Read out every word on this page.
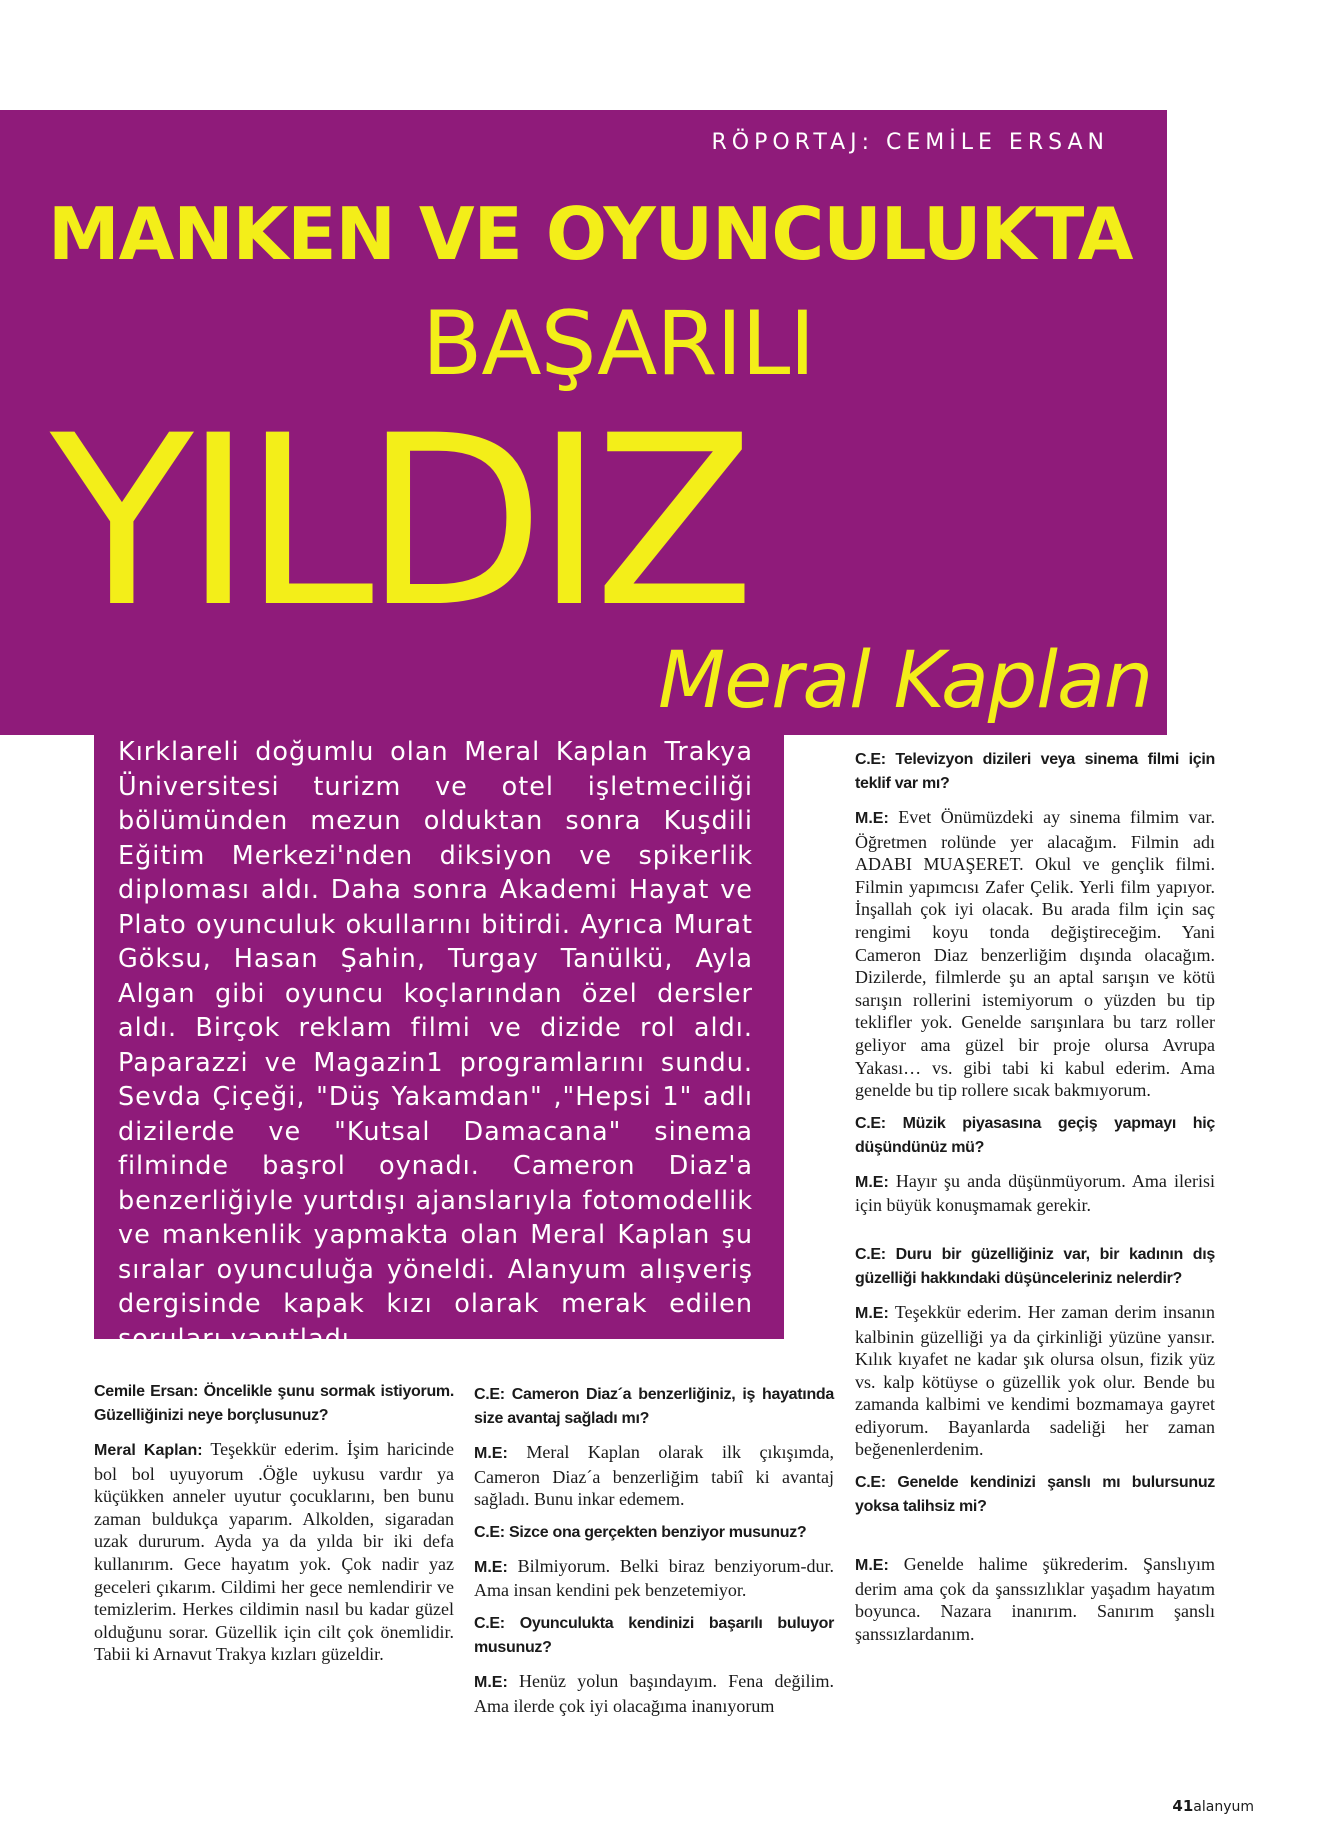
RÖPORTAJ: CEMİLE ERSAN
MANKEN VE OYUNCULUKTA
BAŞARILI
YILDIZ
Meral Kaplan

Kırklareli doğumlu olan Meral Kaplan Trakya Üniversitesi turizm ve otel işletmeciliği bölümünden mezun olduktan sonra Kuşdili Eğitim Merkezi'nden diksiyon ve spikerlik diploması aldı. Daha sonra Akademi Hayat ve Plato oyunculuk okullarını bitirdi. Ayrıca Murat Göksu, Hasan Şahin, Turgay Tanülkü, Ayla Algan gibi oyuncu koçlarından özel dersler aldı. Birçok reklam filmi ve dizide rol aldı. Paparazzi ve Magazin1 programlarını sundu. Sevda Çiçeği, "Düş Yakamdan" ,"Hepsi 1" adlı dizilerde ve "Kutsal Damacana" sinema filminde başrol oynadı. Cameron Diaz'a benzerliğiyle yurtdışı ajanslarıyla fotomodellik ve mankenlik yapmakta olan Meral Kaplan şu sıralar oyunculuğa yöneldi. Alanyum alışveriş dergisinde kapak kızı olarak merak edilen soruları yanıtladı.

Cemile Ersan: Öncelikle şunu sormak istiyorum. Güzelliğinizi neye borçlusunuz?

Meral Kaplan: Teşekkür ederim. İşim haricinde bol bol uyuyorum .Öğle uykusu vardır ya küçükken anneler uyutur çocuklarını, ben bunu zaman buldukça yaparım. Alkolden, sigaradan uzak dururum. Ayda ya da yılda bir iki defa kullanırım. Gece hayatım yok. Çok nadir yaz geceleri çıkarım. Cildimi her gece nemlendirir ve temizlerim. Herkes cildimin nasıl bu kadar güzel olduğunu sorar. Güzellik için cilt çok önemlidir. Tabii ki Arnavut Trakya kızları güzeldir.

C.E: Cameron Diaz´a benzerliğiniz, iş hayatında size avantaj sağladı mı?

M.E: Meral Kaplan olarak ilk çıkışımda, Cameron Diaz´a benzerliğim tabiî ki avantaj sağladı. Bunu inkar edemem.

C.E: Sizce ona gerçekten benziyor musunuz?

M.E: Bilmiyorum. Belki biraz benziyorum-dur. Ama insan kendini pek benzetemiyor.

C.E: Oyunculukta kendinizi başarılı buluyor musunuz?

M.E: Henüz yolun başındayım. Fena değilim. Ama ilerde çok iyi olacağıma inanıyorum

C.E: Televizyon dizileri veya sinema filmi için teklif var mı?

M.E: Evet Önümüzdeki ay sinema filmim var. Öğretmen rolünde yer alacağım. Filmin adı ADABI MUAŞERET. Okul ve gençlik filmi. Filmin yapımcısı Zafer Çelik. Yerli film yapıyor. İnşallah çok iyi olacak. Bu arada film için saç rengimi koyu tonda değiştireceğim. Yani Cameron Diaz benzerliğim dışında olacağım. Dizilerde, filmlerde şu an aptal sarışın ve kötü sarışın rollerini istemiyorum o yüzden bu tip teklifler yok. Genelde sarışınlara bu tarz roller geliyor ama güzel bir proje olursa Avrupa Yakası… vs. gibi tabi ki kabul ederim. Ama genelde bu tip rollere sıcak bakmıyorum.

C.E: Müzik piyasasına geçiş yapmayı hiç düşündünüz mü?

M.E: Hayır şu anda düşünmüyorum. Ama ilerisi için büyük konuşmamak gerekir.

C.E: Duru bir güzelliğiniz var, bir kadının dış güzelliği hakkındaki düşünceleriniz nelerdir?

M.E: Teşekkür ederim. Her zaman derim insanın kalbinin güzelliği ya da çirkinliği yüzüne yansır. Kılık kıyafet ne kadar şık olursa olsun, fizik yüz vs. kalp kötüyse o güzellik yok olur. Bende bu zamanda kalbimi ve kendimi bozmamaya gayret ediyorum. Bayanlarda sadeliği her zaman beğenenlerdenim.

C.E: Genelde kendinizi şanslı mı bulursunuz yoksa talihsiz mi?

M.E: Genelde halime şükrederim. Şanslıyım derim ama çok da şanssızlıklar yaşadım hayatım boyunca. Nazara inanırım. Sanırım şanslı şanssızlardanım.

41alanyum
